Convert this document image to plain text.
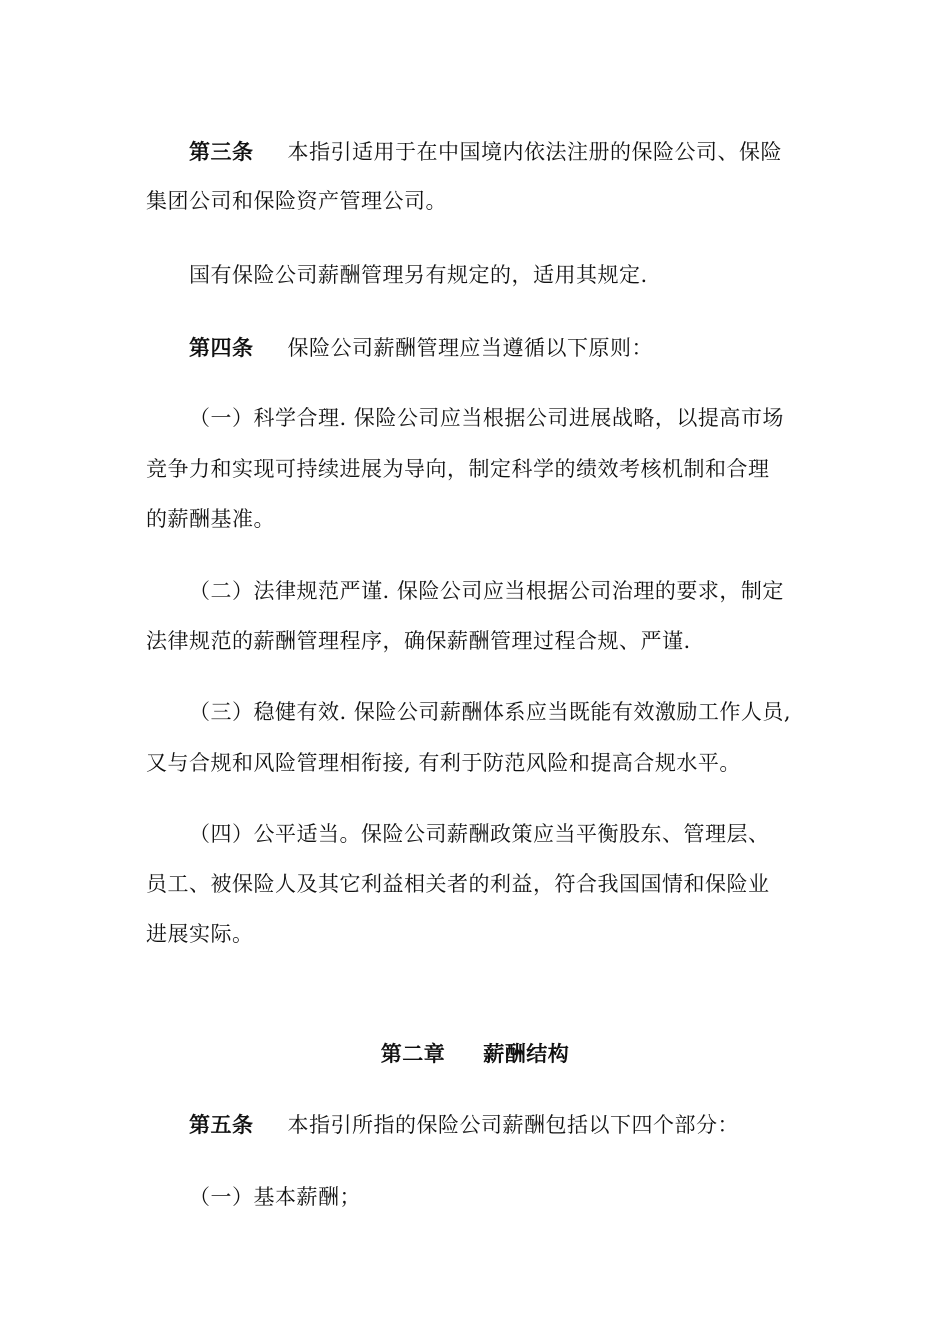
第三条 本指引适用于在中国境内依法注册的保险公司、保险
集团公司和保险资产管理公司。
国有保险公司薪酬管理另有规定的，适用其规定.
第四条 保险公司薪酬管理应当遵循以下原则：
（一）科学合理. 保险公司应当根据公司进展战略，以提高市场
竞争力和实现可持续进展为导向，制定科学的绩效考核机制和合理
的薪酬基准。
（二）法律规范严谨. 保险公司应当根据公司治理的要求，制定
法律规范的薪酬管理程序，确保薪酬管理过程合规、严谨.
（三）稳健有效. 保险公司薪酬体系应当既能有效激励工作人员,
又与合规和风险管理相衔接, 有利于防范风险和提高合规水平。
（四）公平适当。保险公司薪酬政策应当平衡股东、管理层、
员工、被保险人及其它利益相关者的利益，符合我国国情和保险业
进展实际。
第二章 薪酬结构
第五条 本指引所指的保险公司薪酬包括以下四个部分：
（一）基本薪酬；
